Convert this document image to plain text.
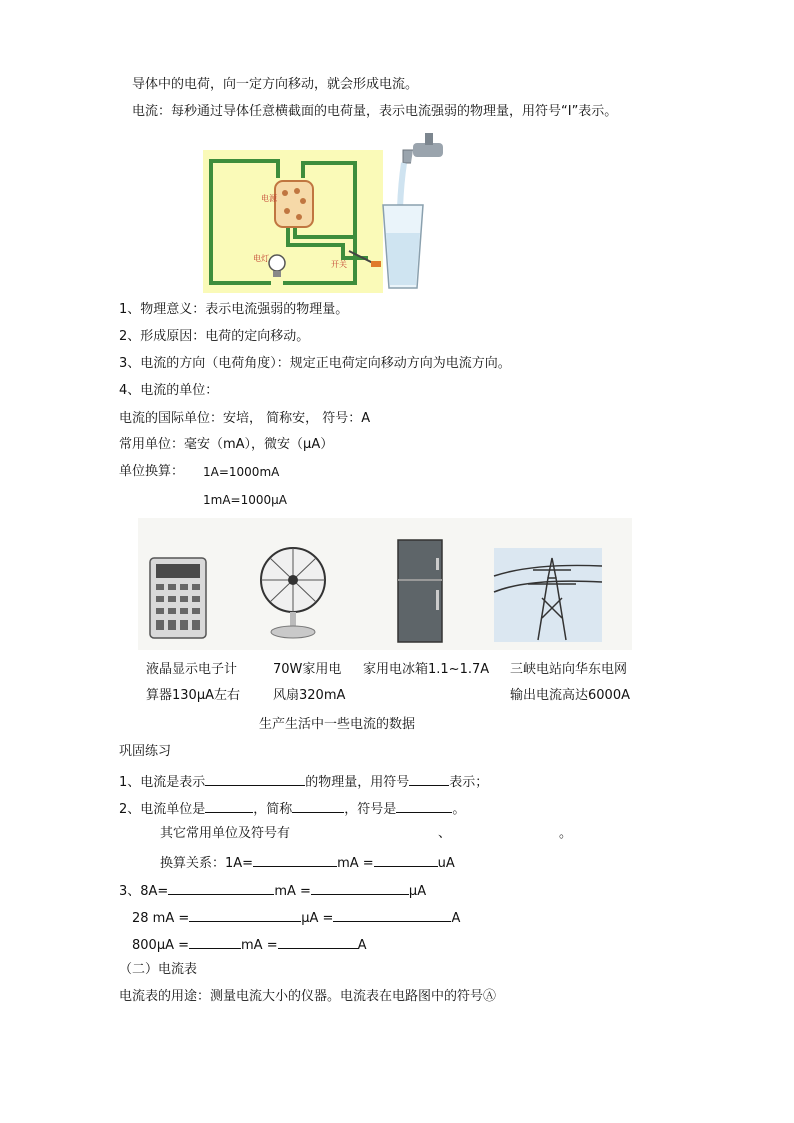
导体中的电荷，向一定方向移动，就会形成电流。
电流：每秒通过导体任意横截面的电荷量，表示电流强弱的物理量，用符号“I”表示。
电源
电灯
开关
1、物理意义：表示电流强弱的物理量。
2、形成原因：电荷的定向移动。
3、电流的方向（电荷角度）：规定正电荷定向移动方向为电流方向。
4、电流的单位：
电流的国际单位：安培， 简称安， 符号：A
常用单位：毫安（mA），微安（μA）
单位换算： 1A=1000mA
1mA=1000μA
液晶显示电子计
算器130μA左右
70W家用电
风扇320mA
家用电冰箱1.1~1.7A 三峡电站向华东电网
输出电流高达6000A
生产生活中一些电流的数据
巩固练习
1、电流是表示	的物理量，用符号	表示；
2、电流单位是	，简称	，符号是	。
其它常用单位及符号有	、	。
换算关系：1A=	mA =	uA
3、8A=	mA =	μA
28 mA =	μA =	A
800μA =	mA =	A
（二）电流表
电流表的用途：测量电流大小的仪器。电流表在电路图中的符号Ⓐ
